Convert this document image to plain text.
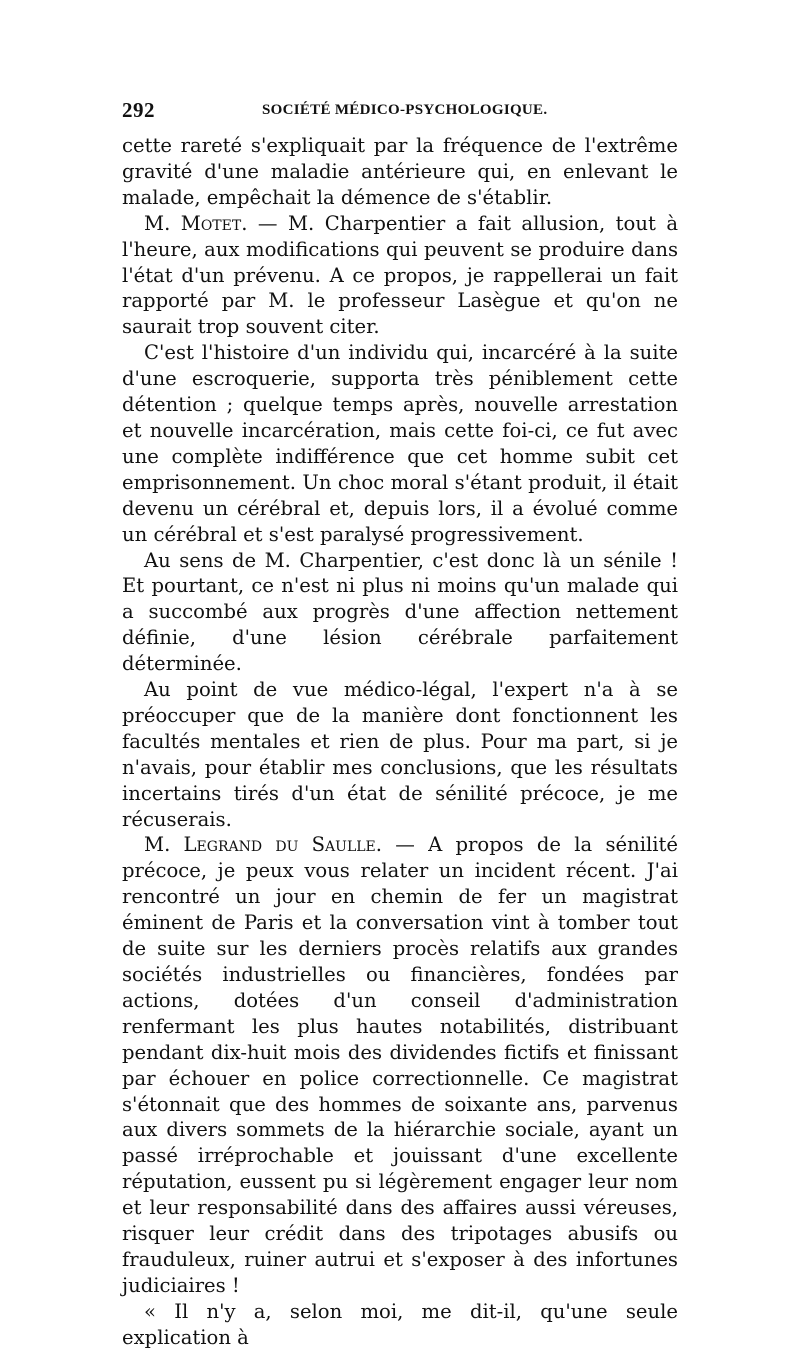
292	SOCIÉTÉ MÉDICO-PSYCHOLOGIQUE.

cette rareté s'expliquait par la fréquence de l'extrême gravité d'une maladie antérieure qui, en enlevant le malade, empêchait la démence de s'établir.

M. Motet. — M. Charpentier a fait allusion, tout à l'heure, aux modifications qui peuvent se produire dans l'état d'un prévenu. A ce propos, je rappellerai un fait rapporté par M. le professeur Lasègue et qu'on ne saurait trop souvent citer.

C'est l'histoire d'un individu qui, incarcéré à la suite d'une escroquerie, supporta très péniblement cette détention ; quelque temps après, nouvelle arrestation et nouvelle incarcération, mais cette foi-ci, ce fut avec une complète indifférence que cet homme subit cet emprisonnement. Un choc moral s'étant produit, il était devenu un cérébral et, depuis lors, il a évolué comme un cérébral et s'est paralysé progressivement.

Au sens de M. Charpentier, c'est donc là un sénile ! Et pourtant, ce n'est ni plus ni moins qu'un malade qui a succombé aux progrès d'une affection nettement définie, d'une lésion cérébrale parfaitement déterminée.

Au point de vue médico-légal, l'expert n'a à se préoccuper que de la manière dont fonctionnent les facultés mentales et rien de plus. Pour ma part, si je n'avais, pour établir mes conclusions, que les résultats incertains tirés d'un état de sénilité précoce, je me récuserais.

M. Legrand du Saulle. — A propos de la sénilité précoce, je peux vous relater un incident récent. J'ai rencontré un jour en chemin de fer un magistrat éminent de Paris et la conversation vint à tomber tout de suite sur les derniers procès relatifs aux grandes sociétés industrielles ou financières, fondées par actions, dotées d'un conseil d'administration renfermant les plus hautes notabilités, distribuant pendant dix-huit mois des dividendes fictifs et finissant par échouer en police correctionnelle. Ce magistrat s'étonnait que des hommes de soixante ans, parvenus aux divers sommets de la hiérarchie sociale, ayant un passé irréprochable et jouissant d'une excellente réputation, eussent pu si légèrement engager leur nom et leur responsabilité dans des affaires aussi véreuses, risquer leur crédit dans des tripotages abusifs ou frauduleux, ruiner autrui et s'exposer à des infortunes judiciaires !

« Il n'y a, selon moi, me dit-il, qu'une seule explication à
